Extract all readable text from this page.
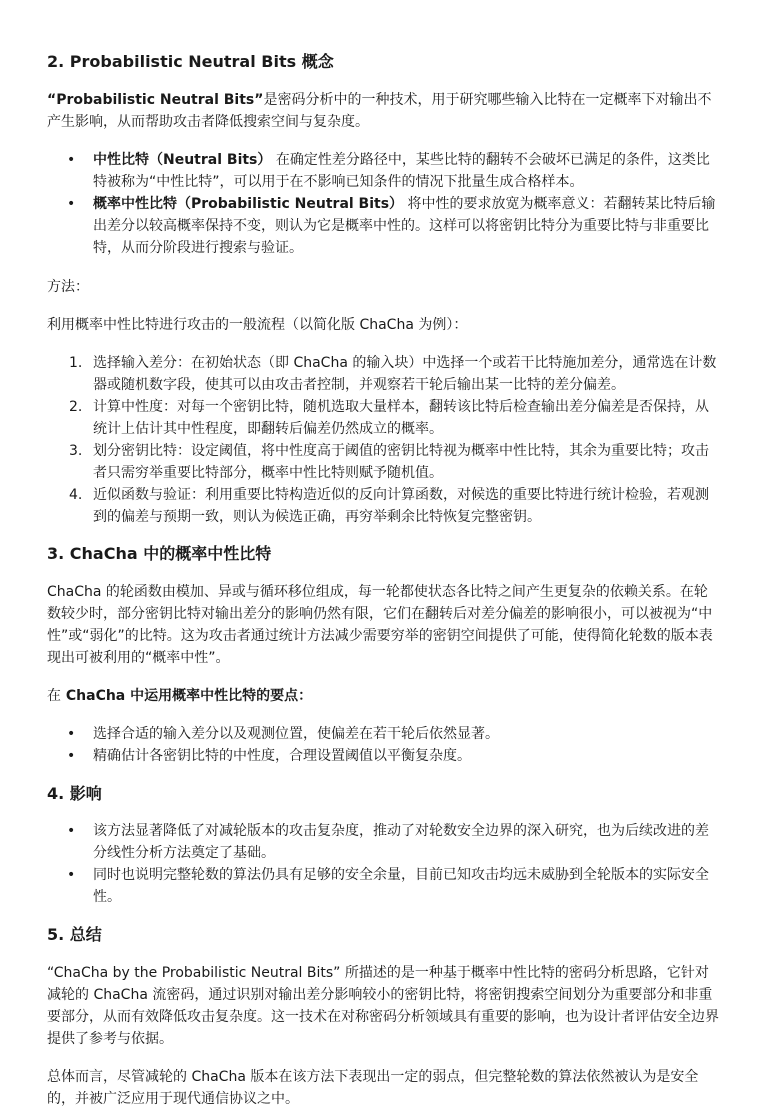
2. Probabilistic Neutral Bits 概念

“Probabilistic Neutral Bits”是密码分析中的一种技术，用于研究哪些输入比特在一定概率下对输出不产生影响，从而帮助攻击者降低搜索空间与复杂度。

• 中性比特（Neutral Bits） 在确定性差分路径中，某些比特的翻转不会破坏已满足的条件，这类比特被称为“中性比特”，可以用于在不影响已知条件的情况下批量生成合格样本。
• 概率中性比特（Probabilistic Neutral Bits） 将中性的要求放宽为概率意义：若翻转某比特后输出差分以较高概率保持不变，则认为它是概率中性的。这样可以将密钥比特分为重要比特与非重要比特，从而分阶段进行搜索与验证。

方法：

利用概率中性比特进行攻击的一般流程（以简化版 ChaCha 为例）：

1. 选择输入差分：在初始状态（即 ChaCha 的输入块）中选择一个或若干比特施加差分，通常选在计数器或随机数字段，使其可以由攻击者控制，并观察若干轮后输出某一比特的差分偏差。
2. 计算中性度：对每一个密钥比特，随机选取大量样本，翻转该比特后检查输出差分偏差是否保持，从统计上估计其中性程度，即翻转后偏差仍然成立的概率。
3. 划分密钥比特：设定阈值，将中性度高于阈值的密钥比特视为概率中性比特，其余为重要比特；攻击者只需穷举重要比特部分，概率中性比特则赋予随机值。
4. 近似函数与验证：利用重要比特构造近似的反向计算函数，对候选的重要比特进行统计检验，若观测到的偏差与预期一致，则认为候选正确，再穷举剩余比特恢复完整密钥。
3. ChaCha 中的概率中性比特

ChaCha 的轮函数由模加、异或与循环移位组成，每一轮都使状态各比特之间产生更复杂的依赖关系。在轮数较少时，部分密钥比特对输出差分的影响仍然有限，它们在翻转后对差分偏差的影响很小，可以被视为“中性”或“弱化”的比特。这为攻击者通过统计方法减少需要穷举的密钥空间提供了可能，使得简化轮数的版本表现出可被利用的“概率中性”。

在 ChaCha 中运用概率中性比特的要点：

• 选择合适的输入差分以及观测位置，使偏差在若干轮后依然显著。
• 精确估计各密钥比特的中性度，合理设置阈值以平衡复杂度。
4. 影响
• 该方法显著降低了对减轮版本的攻击复杂度，推动了对轮数安全边界的深入研究，也为后续改进的差分线性分析方法奠定了基础。
• 同时也说明完整轮数的算法仍具有足够的安全余量，目前已知攻击均远未威胁到全轮版本的实际安全性。
5. 总结

“ChaCha by the Probabilistic Neutral Bits” 所描述的是一种基于概率中性比特的密码分析思路，它针对减轮的 ChaCha 流密码，通过识别对输出差分影响较小的密钥比特，将密钥搜索空间划分为重要部分和非重要部分，从而有效降低攻击复杂度。这一技术在对称密码分析领域具有重要的影响，也为设计者评估安全边界提供了参考与依据。

总体而言，尽管减轮的 ChaCha 版本在该方法下表现出一定的弱点，但完整轮数的算法依然被认为是安全的，并被广泛应用于现代通信协议之中。
